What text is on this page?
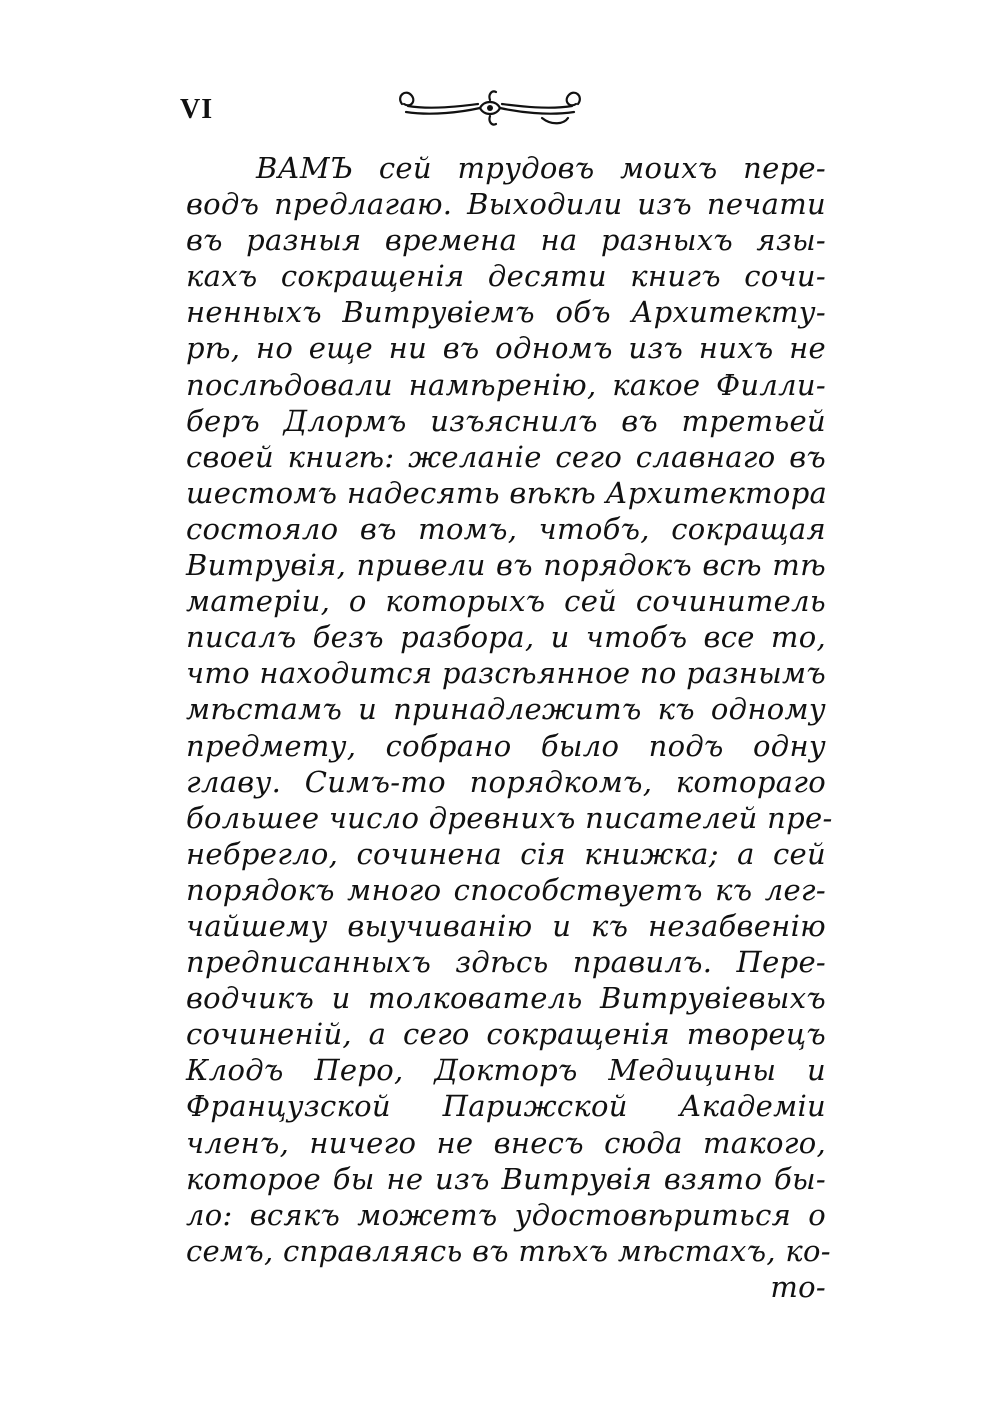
VI
ВАМЪ сей трудовъ моихъ пере-
водъ предлагаю. Выходили изъ печати
въ разныя времена на разныхъ язы-
кахъ сокращенія десяти книгъ сочи-
ненныхъ Витрувіемъ объ Архитекту-
рѣ, но еще ни въ одномъ изъ нихъ не
послѣдовали намѣренію, какое Филли-
беръ Длормъ изъяснилъ въ третьей
своей книгѣ: желаніе сего славнаго въ
шестомъ надесять вѣкѣ Архитектора
состояло въ томъ, чтобъ, сокращая
Витрувія, привели въ порядокъ всѣ тѣ
матеріи, о которыхъ сей сочинитель
писалъ безъ разбора, и чтобъ все то,
что находится разсѣянное по разнымъ
мѣстамъ и принадлежитъ къ одному
предмету, собрано было подъ одну
главу. Симъ-то порядкомъ, котораго
большее число древнихъ писателей пре-
небрегло, сочинена сія книжка; а сей
порядокъ много способствуетъ къ лег-
чайшему выучиванію и къ незабвенію
предписанныхъ здѣсь правилъ. Пере-
водчикъ и толкователь Витрувіевыхъ
сочиненій, а сего сокращенія творецъ
Клодъ Перо, Докторъ Медицины и
Французской Парижской Академіи
членъ, ничего не внесъ сюда такого,
которое бы не изъ Витрувія взято бы-
ло: всякъ можетъ удостовѣриться о
семъ, справляясь въ тѣхъ мѣстахъ, ко-
то-
